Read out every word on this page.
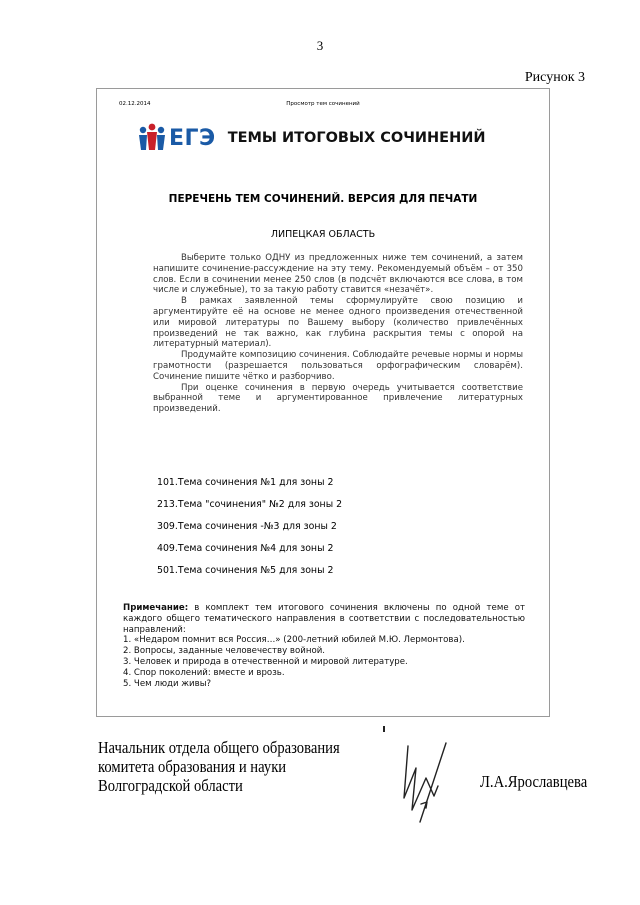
3
Рисунок 3
02.12.2014	Просмотр тем сочинений
ЕГЭ ТЕМЫ ИТОГОВЫХ СОЧИНЕНИЙ
ПЕРЕЧЕНЬ ТЕМ СОЧИНЕНИЙ. ВЕРСИЯ ДЛЯ ПЕЧАТИ
ЛИПЕЦКАЯ ОБЛАСТЬ

Выберите только ОДНУ из предложенных ниже тем сочинений, а затем напишите сочинение-рассуждение на эту тему. Рекомендуемый объём – от 350 слов. Если в сочинении менее 250 слов (в подсчёт включаются все слова, в том числе и служебные), то за такую работу ставится «незачёт».

В рамках заявленной темы сформулируйте свою позицию и аргументируйте её на основе не менее одного произведения отечественной или мировой литературы по Вашему выбору (количество привлечённых произведений не так важно, как глубина раскрытия темы с опорой на литературный материал).

Продумайте композицию сочинения. Соблюдайте речевые нормы и нормы грамотности (разрешается пользоваться орфографическим словарём). Сочинение пишите чётко и разборчиво.

При оценке сочинения в первую очередь учитывается соответствие выбранной теме и аргументированное привлечение литературных произведений.

101.Тема сочинения №1 для зоны 2
213.Тема "сочинения" №2 для зоны 2
309.Тема сочинения -№3 для зоны 2
409.Тема сочинения №4 для зоны 2
501.Тема сочинения №5 для зоны 2

Примечание: в комплект тем итогового сочинения включены по одной теме от каждого общего тематического направления в соответствии с последовательностью направлений:

1. «Недаром помнит вся Россия…» (200-летний юбилей М.Ю. Лермонтова).
2. Вопросы, заданные человечеству войной.
3. Человек и природа в отечественной и мировой литературе.
4. Спор поколений: вместе и врозь.
5. Чем люди живы?
Начальник отдела общего образования
комитета образования и науки
Волгоградской области	Л.А.Ярославцева
